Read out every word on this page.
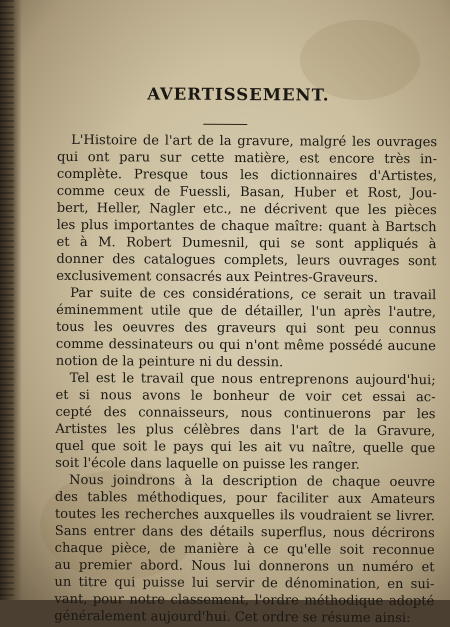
AVERTISSEMENT.
L'Histoire de l'art de la gravure, malgré les ouvrages
qui ont paru sur cette matière, est encore très in-
complète. Presque tous les dictionnaires d'Artistes,
comme ceux de Fuessli, Basan, Huber et Rost, Jou-
bert, Heller, Nagler etc., ne décrivent que les pièces
les plus importantes de chaque maître: quant à Bartsch
et à M. Robert Dumesnil, qui se sont appliqués à
donner des catalogues complets, leurs ouvrages sont
exclusivement consacrés aux Peintres-Graveurs.
Par suite de ces considérations, ce serait un travail
éminemment utile que de détailler, l'un après l'autre,
tous les oeuvres des graveurs qui sont peu connus
comme dessinateurs ou qui n'ont même possédé aucune
notion de la peinture ni du dessin.
Tel est le travail que nous entreprenons aujourd'hui;
et si nous avons le bonheur de voir cet essai ac-
cepté des connaisseurs, nous continuerons par les
Artistes les plus célèbres dans l'art de la Gravure,
quel que soit le pays qui les ait vu naître, quelle que
soit l'école dans laquelle on puisse les ranger.
Nous joindrons à la description de chaque oeuvre
des tables méthodiques, pour faciliter aux Amateurs
toutes les recherches auxquelles ils voudraient se livrer.
Sans entrer dans des détails superflus, nous décrirons
chaque pièce, de manière à ce qu'elle soit reconnue
au premier abord. Nous lui donnerons un numéro et
un titre qui puisse lui servir de dénomination, en sui-
vant, pour notre classement, l'ordre méthodique adopté
généralement aujourd'hui. Cet ordre se résume ainsi:
